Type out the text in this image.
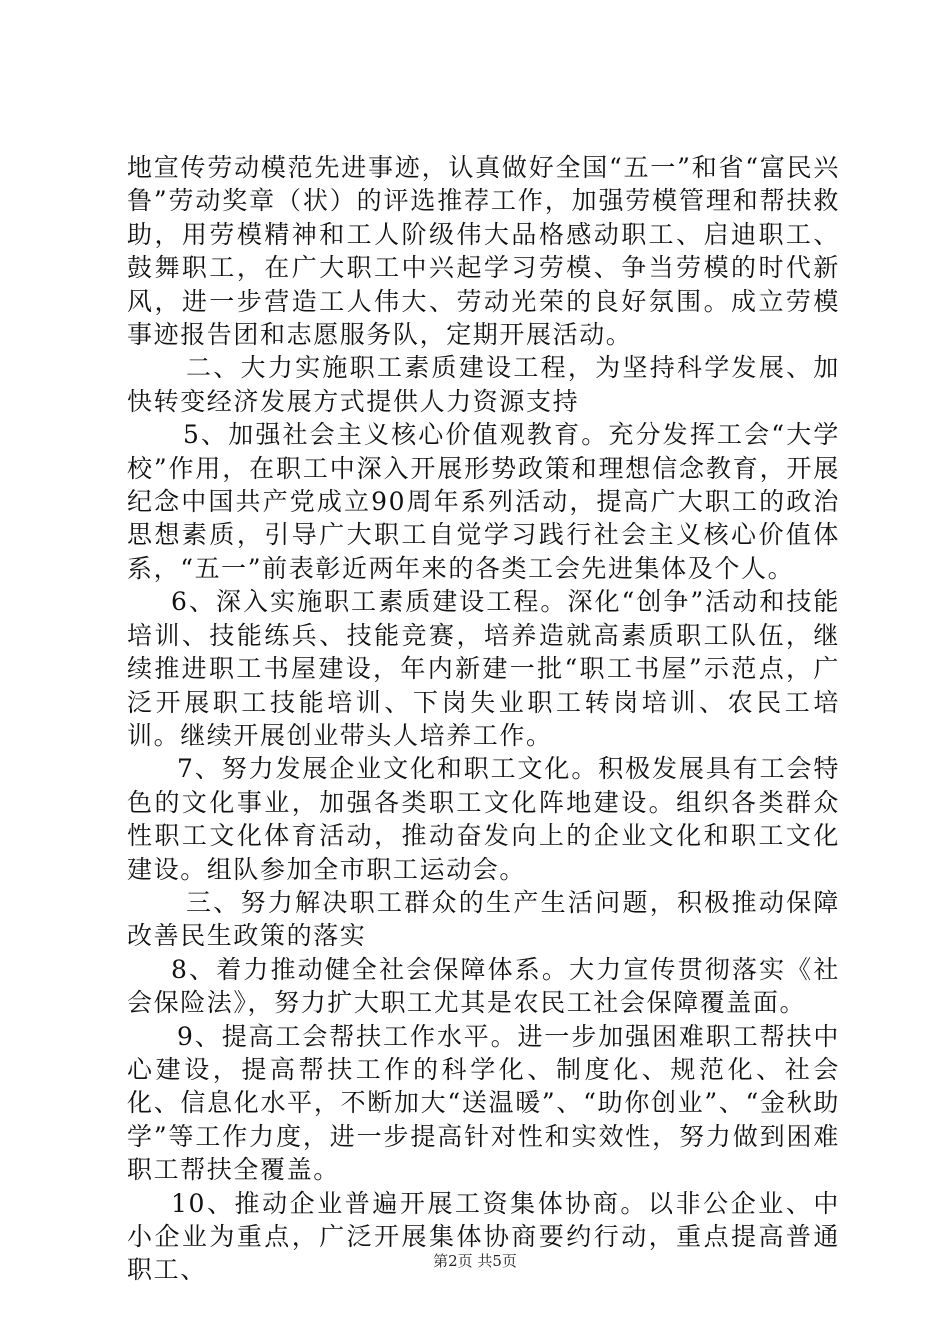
地宣传劳动模范先进事迹，认真做好全国“五一”和省“富民兴鲁”劳动奖章（状）的评选推荐工作，加强劳模管理和帮扶救助，用劳模精神和工人阶级伟大品格感动职工、启迪职工、鼓舞职工，在广大职工中兴起学习劳模、争当劳模的时代新风，进一步营造工人伟大、劳动光荣的良好氛围。成立劳模事迹报告团和志愿服务队，定期开展活动。

二、大力实施职工素质建设工程，为坚持科学发展、加快转变经济发展方式提供人力资源支持

5、加强社会主义核心价值观教育。充分发挥工会“大学校”作用，在职工中深入开展形势政策和理想信念教育，开展纪念中国共产党成立90周年系列活动，提高广大职工的政治思想素质，引导广大职工自觉学习践行社会主义核心价值体系，“五一”前表彰近两年来的各类工会先进集体及个人。

6、深入实施职工素质建设工程。深化“创争”活动和技能培训、技能练兵、技能竞赛，培养造就高素质职工队伍，继续推进职工书屋建设，年内新建一批“职工书屋”示范点，广泛开展职工技能培训、下岗失业职工转岗培训、农民工培训。继续开展创业带头人培养工作。

7、努力发展企业文化和职工文化。积极发展具有工会特色的文化事业，加强各类职工文化阵地建设。组织各类群众性职工文化体育活动，推动奋发向上的企业文化和职工文化建设。组队参加全市职工运动会。

三、努力解决职工群众的生产生活问题，积极推动保障改善民生政策的落实

8、着力推动健全社会保障体系。大力宣传贯彻落实《社会保险法》，努力扩大职工尤其是农民工社会保障覆盖面。

9、提高工会帮扶工作水平。进一步加强困难职工帮扶中心建设，提高帮扶工作的科学化、制度化、规范化、社会化、信息化水平，不断加大“送温暖”、“助你创业”、“金秋助学”等工作力度，进一步提高针对性和实效性，努力做到困难职工帮扶全覆盖。

10、推动企业普遍开展工资集体协商。以非公企业、中小企业为重点，广泛开展集体协商要约行动，重点提高普通职工、	第2页 共5页
